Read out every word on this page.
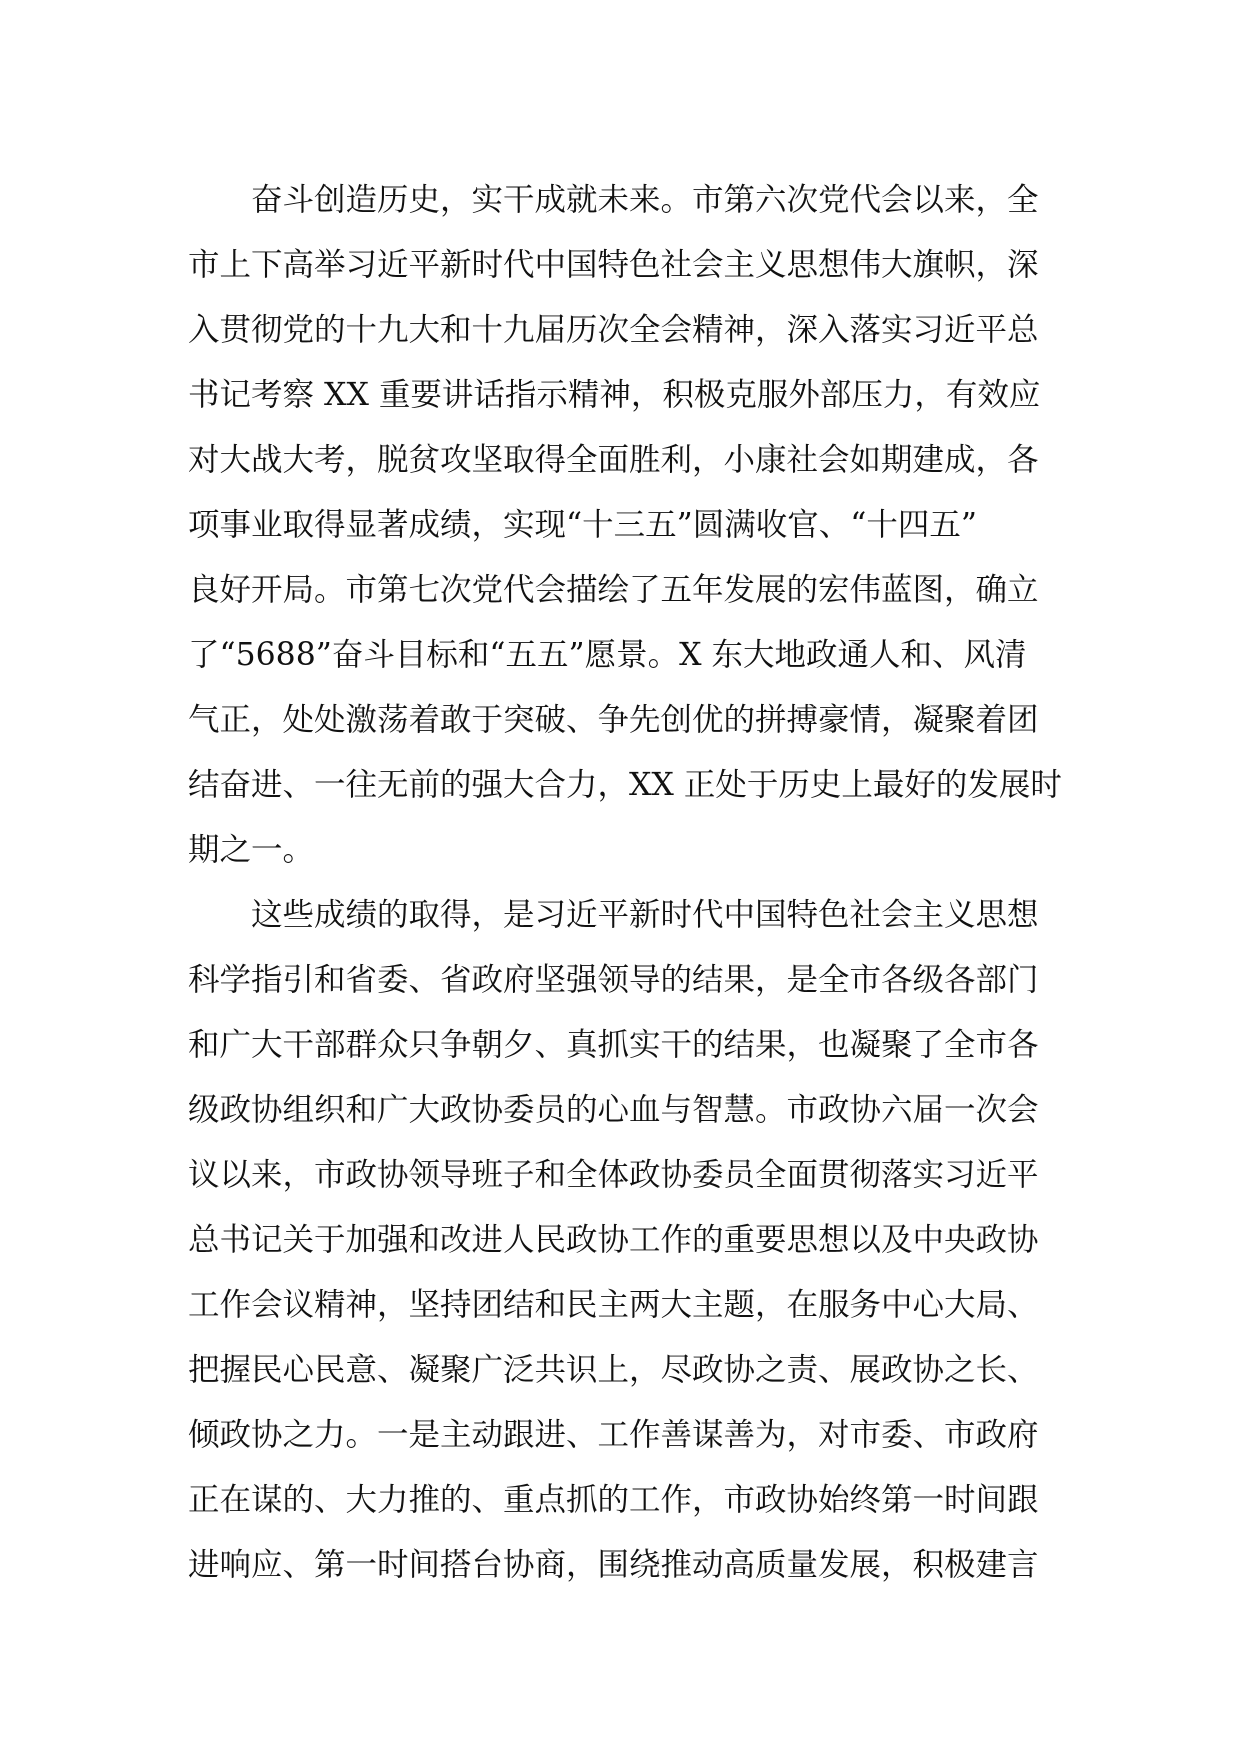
奋斗创造历史，实干成就未来。市第六次党代会以来，全
市上下高举习近平新时代中国特色社会主义思想伟大旗帜，深
入贯彻党的十九大和十九届历次全会精神，深入落实习近平总
书记考察 XX 重要讲话指示精神，积极克服外部压力，有效应
对大战大考，脱贫攻坚取得全面胜利，小康社会如期建成，各
项事业取得显著成绩，实现“十三五”圆满收官、“十四五”
良好开局。市第七次党代会描绘了五年发展的宏伟蓝图，确立
了“5688”奋斗目标和“五五”愿景。X 东大地政通人和、风清
气正，处处激荡着敢于突破、争先创优的拼搏豪情，凝聚着团
结奋进、一往无前的强大合力，XX 正处于历史上最好的发展时
期之一。
这些成绩的取得，是习近平新时代中国特色社会主义思想
科学指引和省委、省政府坚强领导的结果，是全市各级各部门
和广大干部群众只争朝夕、真抓实干的结果，也凝聚了全市各
级政协组织和广大政协委员的心血与智慧。市政协六届一次会
议以来，市政协领导班子和全体政协委员全面贯彻落实习近平
总书记关于加强和改进人民政协工作的重要思想以及中央政协
工作会议精神，坚持团结和民主两大主题，在服务中心大局、
把握民心民意、凝聚广泛共识上，尽政协之责、展政协之长、
倾政协之力。一是主动跟进、工作善谋善为，对市委、市政府
正在谋的、大力推的、重点抓的工作，市政协始终第一时间跟
进响应、第一时间搭台协商，围绕推动高质量发展，积极建言
